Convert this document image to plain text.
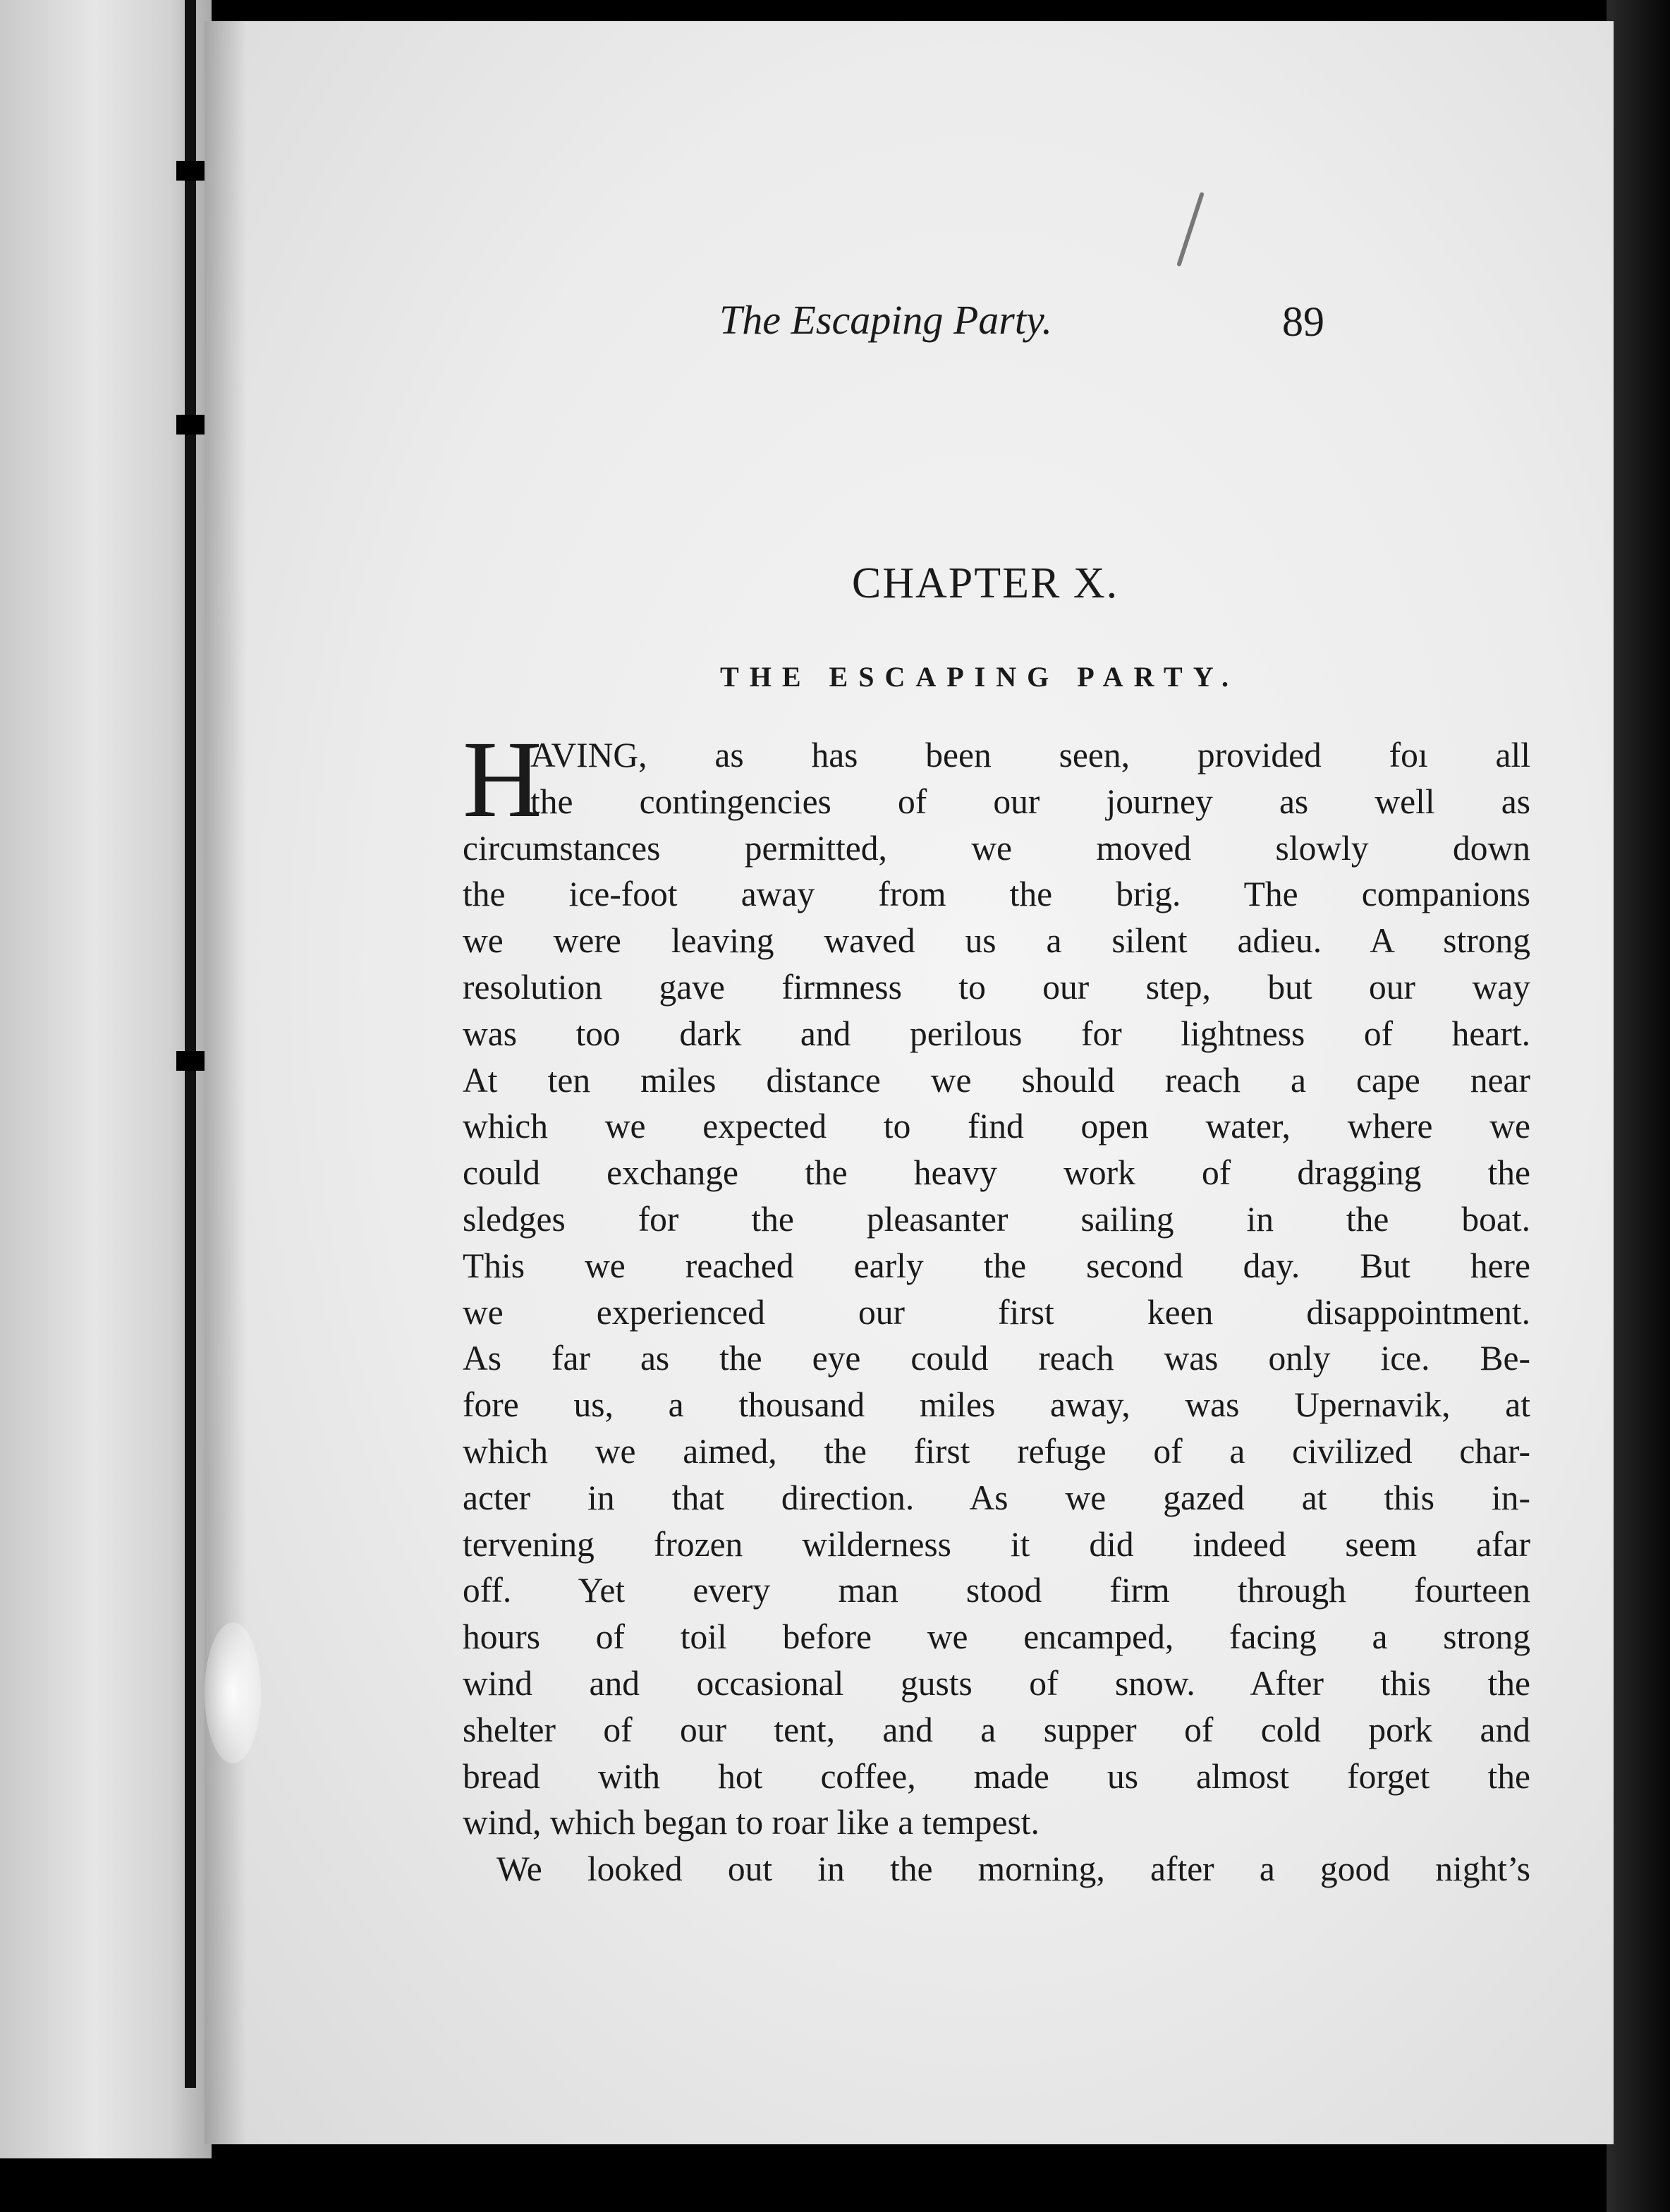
The Escaping Party.	89
CHAPTER X.
THE ESCAPING PARTY.
H
AVING, as has been seen, provided foı all
the contingencies of our journey as well as
circumstances permitted, we moved slowly down
the ice-foot away from the brig. The companions
we were leaving waved us a silent adieu. A strong
resolution gave firmness to our step, but our way
was too dark and perilous for lightness of heart.
At ten miles distance we should reach a cape near
which we expected to find open water, where we
could exchange the heavy work of dragging the
sledges for the pleasanter sailing in the boat.
This we reached early the second day. But here
we experienced our first keen disappointment.
As far as the eye could reach was only ice. Be-
fore us, a thousand miles away, was Upernavik, at
which we aimed, the first refuge of a civilized char-
acter in that direction. As we gazed at this in-
tervening frozen wilderness it did indeed seem afar
off. Yet every man stood firm through fourteen
hours of toil before we encamped, facing a strong
wind and occasional gusts of snow. After this the
shelter of our tent, and a supper of cold pork and
bread with hot coffee, made us almost forget the
wind, which began to roar like a tempest.
We looked out in the morning, after a good night’s
